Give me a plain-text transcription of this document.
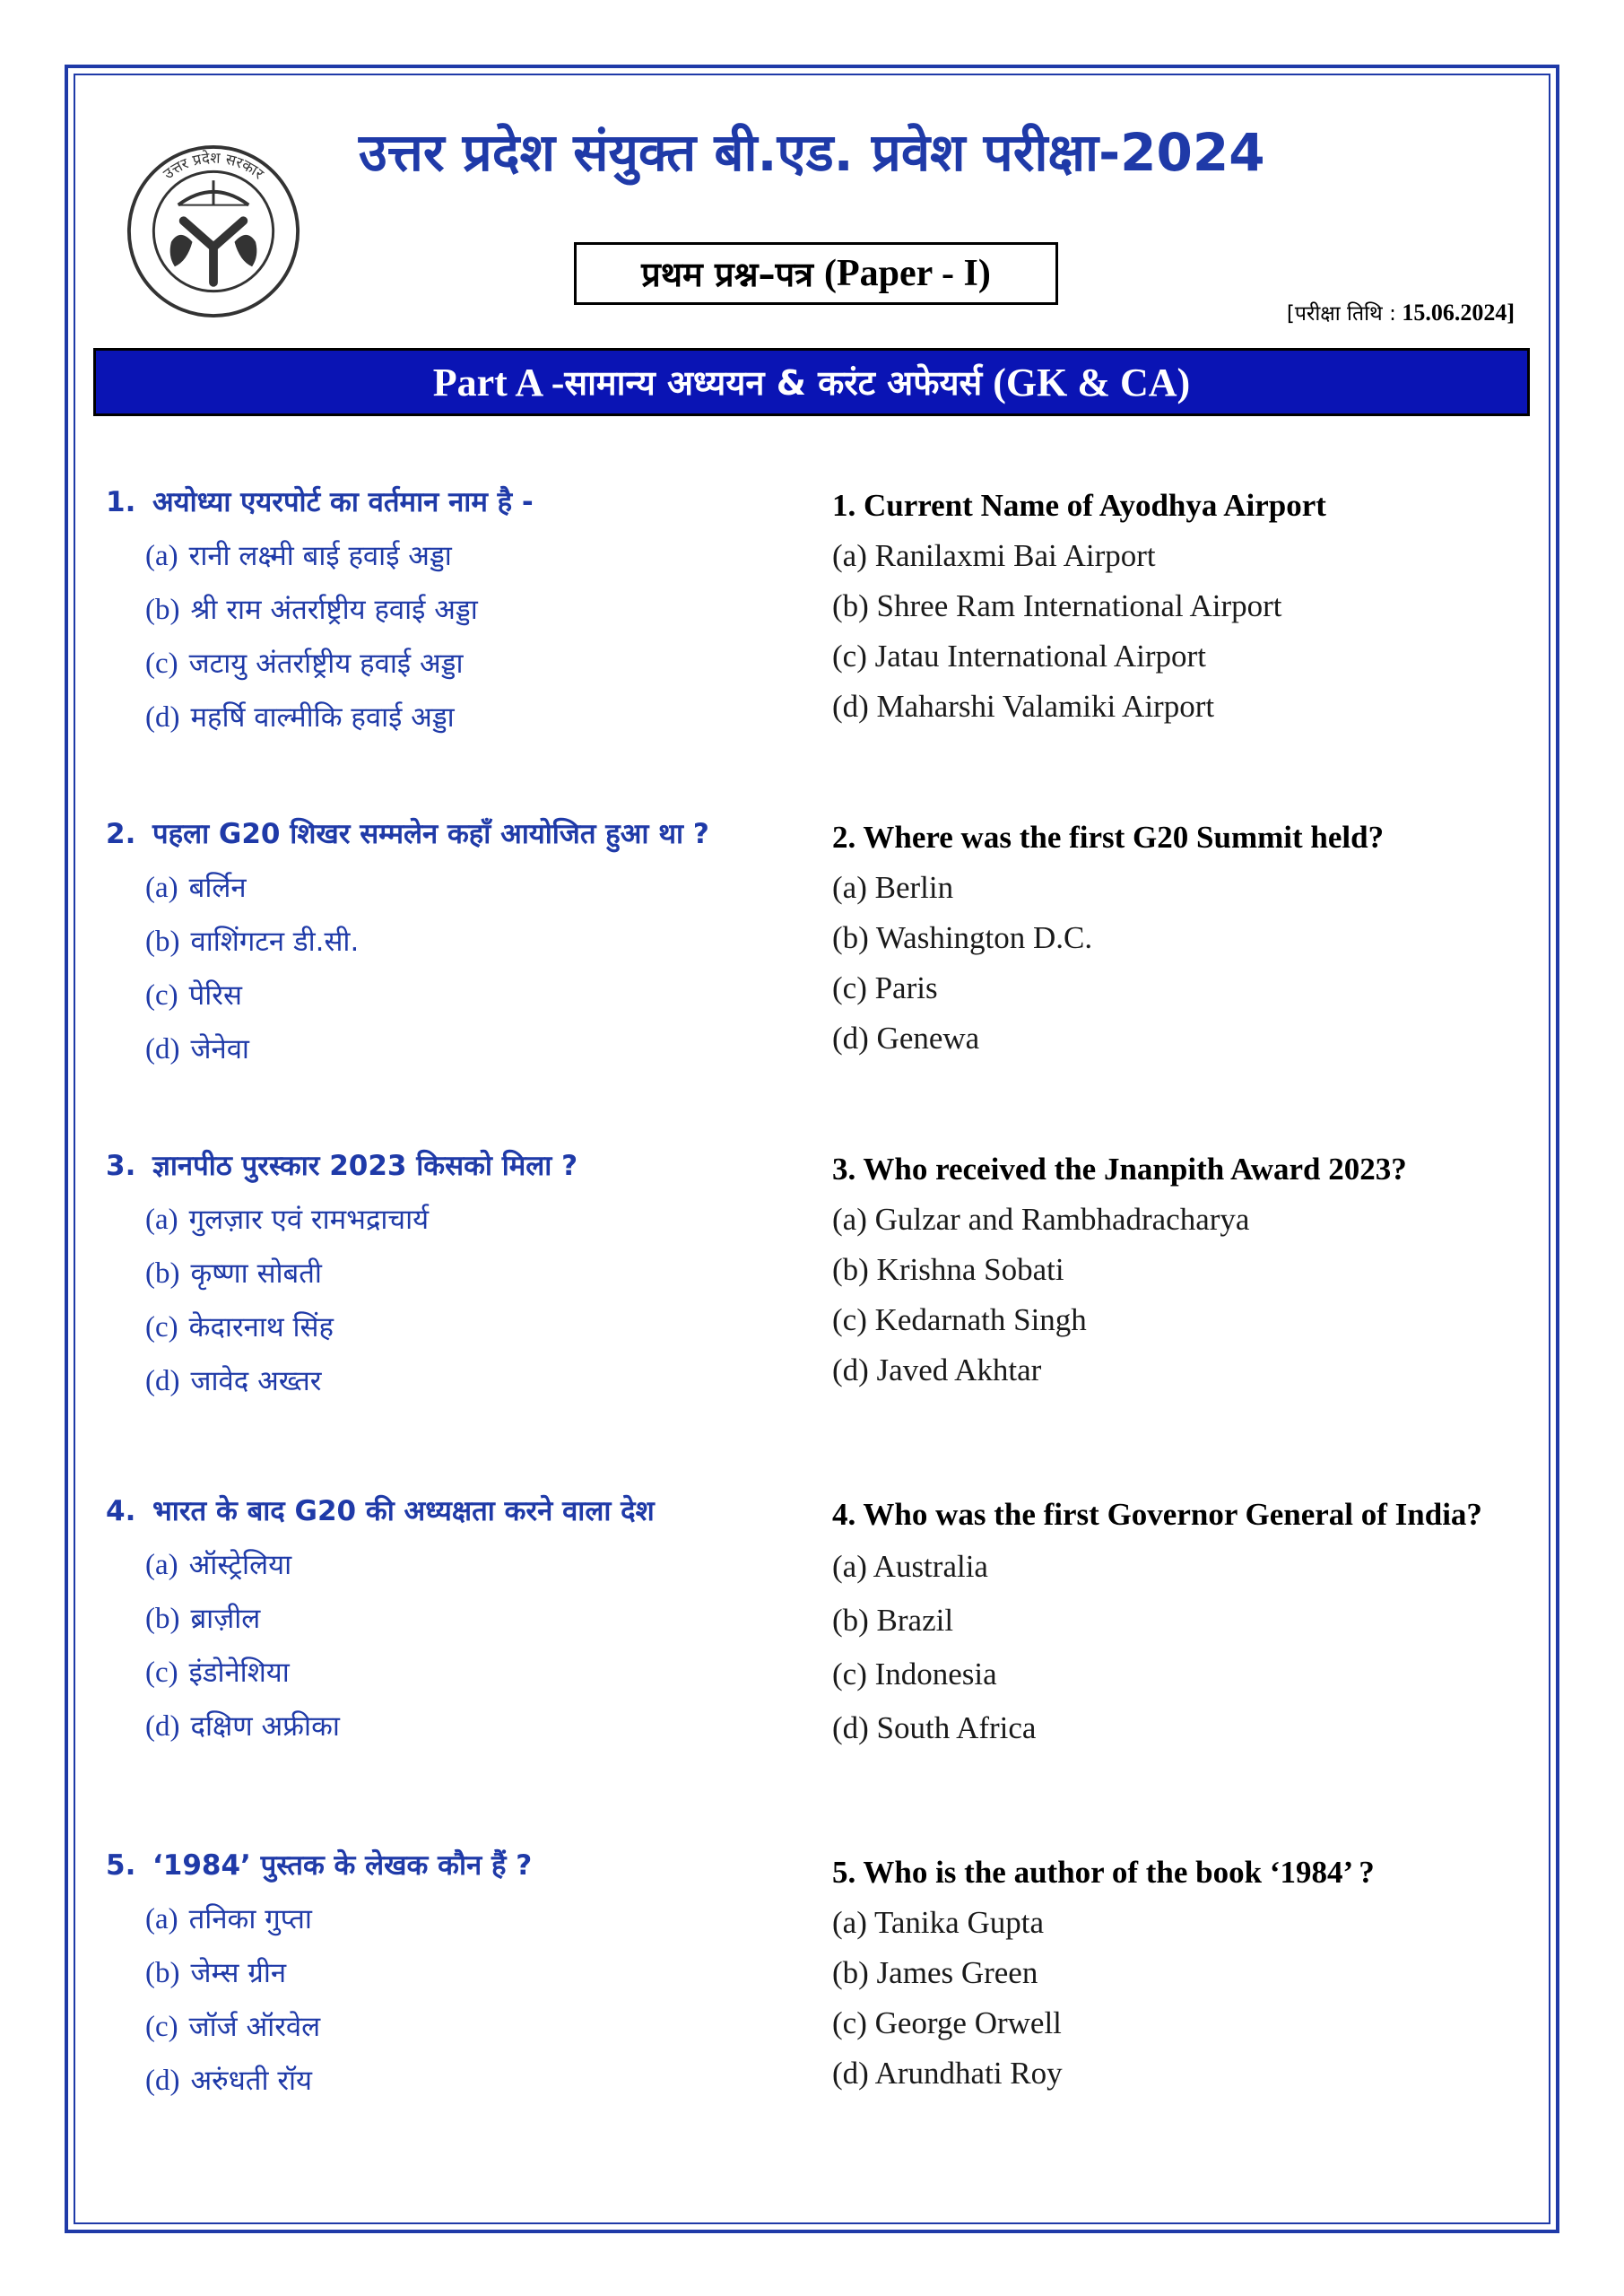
उत्तर प्रदेश सरकार	उत्तर प्रदेश संयुक्त बी.एड. प्रवेश परीक्षा-2024
प्रथम प्रश्न–पत्र (Paper - I)
[परीक्षा तिथि : 15.06.2024]
Part A - सामान्य अध्ययन & करंट अफेयर्स (GK & CA)
1. अयोध्या एयरपोर्ट का वर्तमान नाम है -
(a) रानी लक्ष्मी बाई हवाई अड्डा
(b) श्री राम अंतर्राष्ट्रीय हवाई अड्डा
(c) जटायु अंतर्राष्ट्रीय हवाई अड्डा
(d) महर्षि वाल्मीकि हवाई अड्डा
1. Current Name of Ayodhya Airport
(a) Ranilaxmi Bai Airport
(b) Shree Ram International Airport
(c) Jatau International Airport
(d) Maharshi Valamiki Airport
2. पहला G20 शिखर सम्मलेन कहाँ आयोजित हुआ था ?
(a) बर्लिन
(b) वाशिंगटन डी.सी.
(c) पेरिस
(d) जेनेवा
2. Where was the first G20 Summit held?
(a) Berlin
(b) Washington D.C.
(c) Paris
(d) Genewa
3. ज्ञानपीठ पुरस्कार 2023 किसको मिला ?
(a) गुलज़ार एवं रामभद्राचार्य
(b) कृष्णा सोबती
(c) केदारनाथ सिंह
(d) जावेद अख्तर
3. Who received the Jnanpith Award 2023?
(a) Gulzar and Rambhadracharya
(b) Krishna Sobati
(c) Kedarnath Singh
(d) Javed Akhtar
4. भारत के बाद G20 की अध्यक्षता करने वाला देश
(a) ऑस्ट्रेलिया
(b) ब्राज़ील
(c) इंडोनेशिया
(d) दक्षिण अफ्रीका
4. Who was the first Governor General of India?
(a) Australia
(b) Brazil
(c) Indonesia
(d) South Africa
5. ‘1984’ पुस्तक के लेखक कौन हैं ?
(a) तनिका गुप्ता
(b) जेम्स ग्रीन
(c) जॉर्ज ऑरवेल
(d) अरुंधती रॉय
5. Who is the author of the book ‘1984’ ?
(a) Tanika Gupta
(b) James Green
(c) George Orwell
(d) Arundhati Roy
